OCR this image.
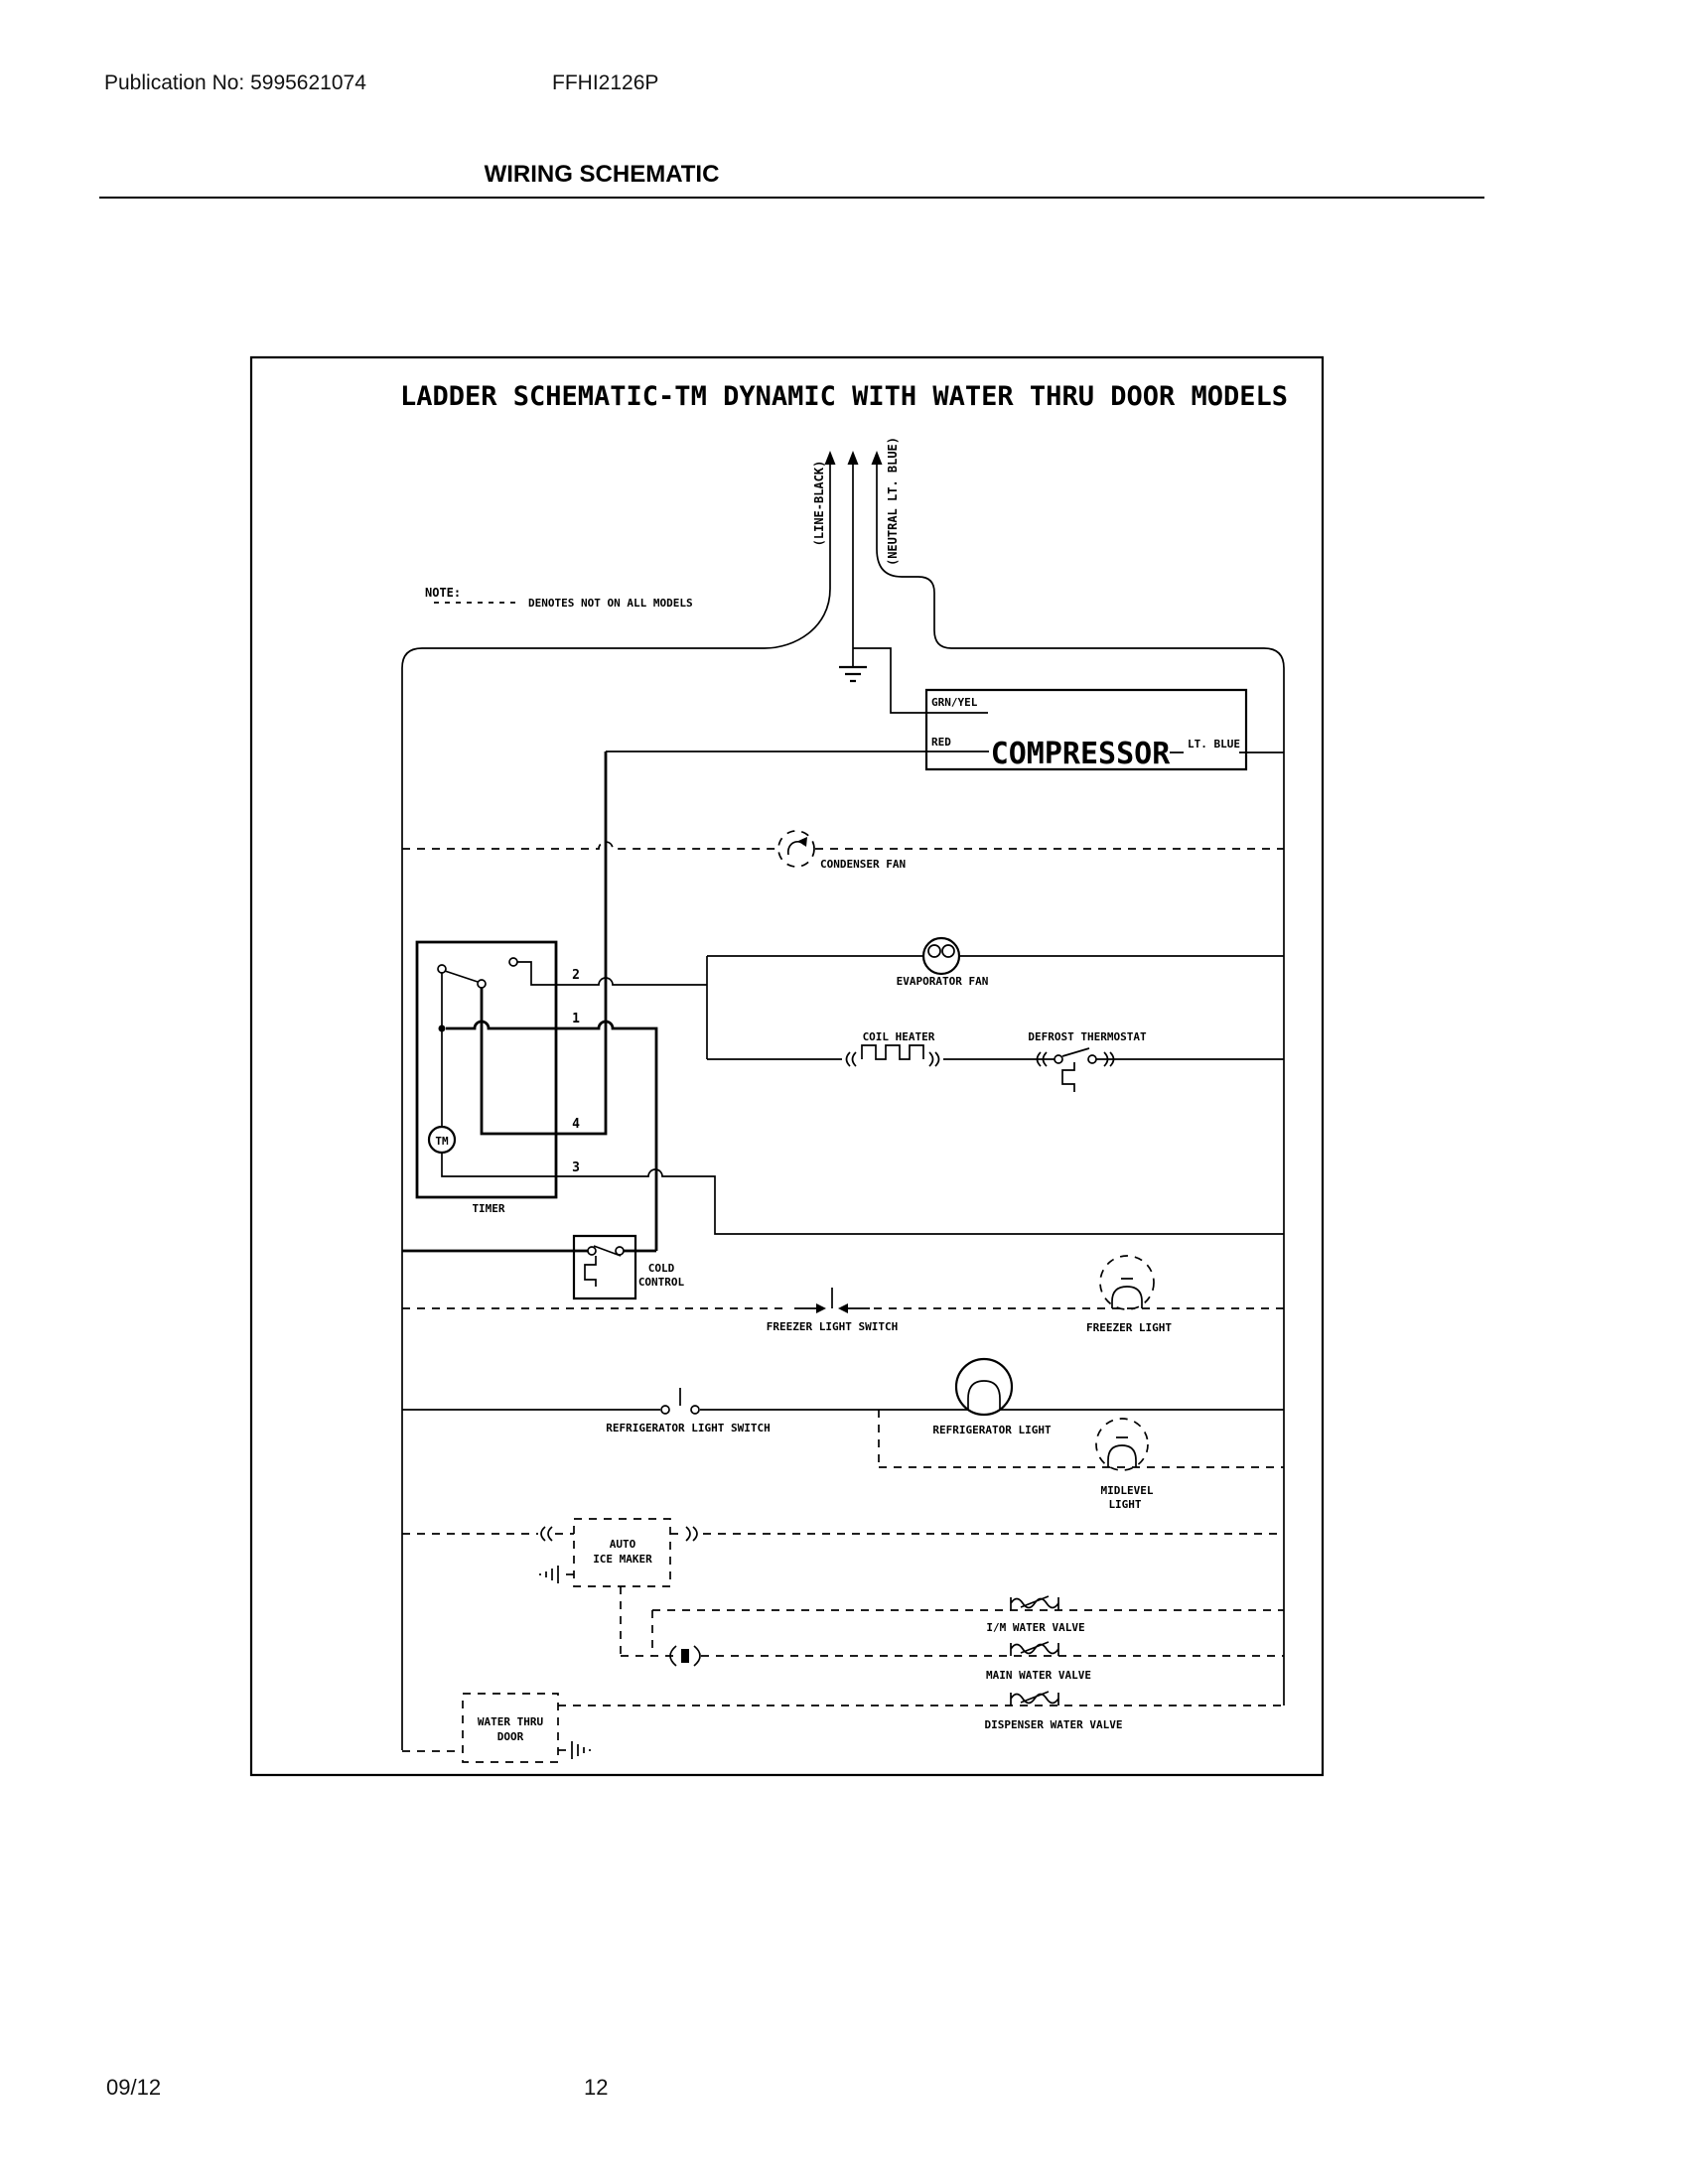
Publication No: 5995621074	FFHI2126P
WIRING SCHEMATIC
09/12	12
LADDER SCHEMATIC-TM DYNAMIC WITH WATER THRU DOOR MODELS
(LINE-BLACK)	(NEUTRAL LT. BLUE)
NOTE:
DENOTES NOT ON ALL MODELS
GRN/YEL
RED COMPRESSOR LT. BLUE
CONDENSER FAN
EVAPORATOR FAN
COIL HEATER	DEFROST THERMOSTAT
TM
2
1
4
3
TIMER
COLD
CONTROL
FREEZER LIGHT SWITCH	FREEZER LIGHT
REFRIGERATOR LIGHT SWITCH	REFRIGERATOR LIGHT
MIDLEVEL
LIGHT
AUTO
ICE MAKER
I/M WATER VALVE
MAIN WATER VALVE
DISPENSER WATER VALVE
WATER THRU
DOOR
